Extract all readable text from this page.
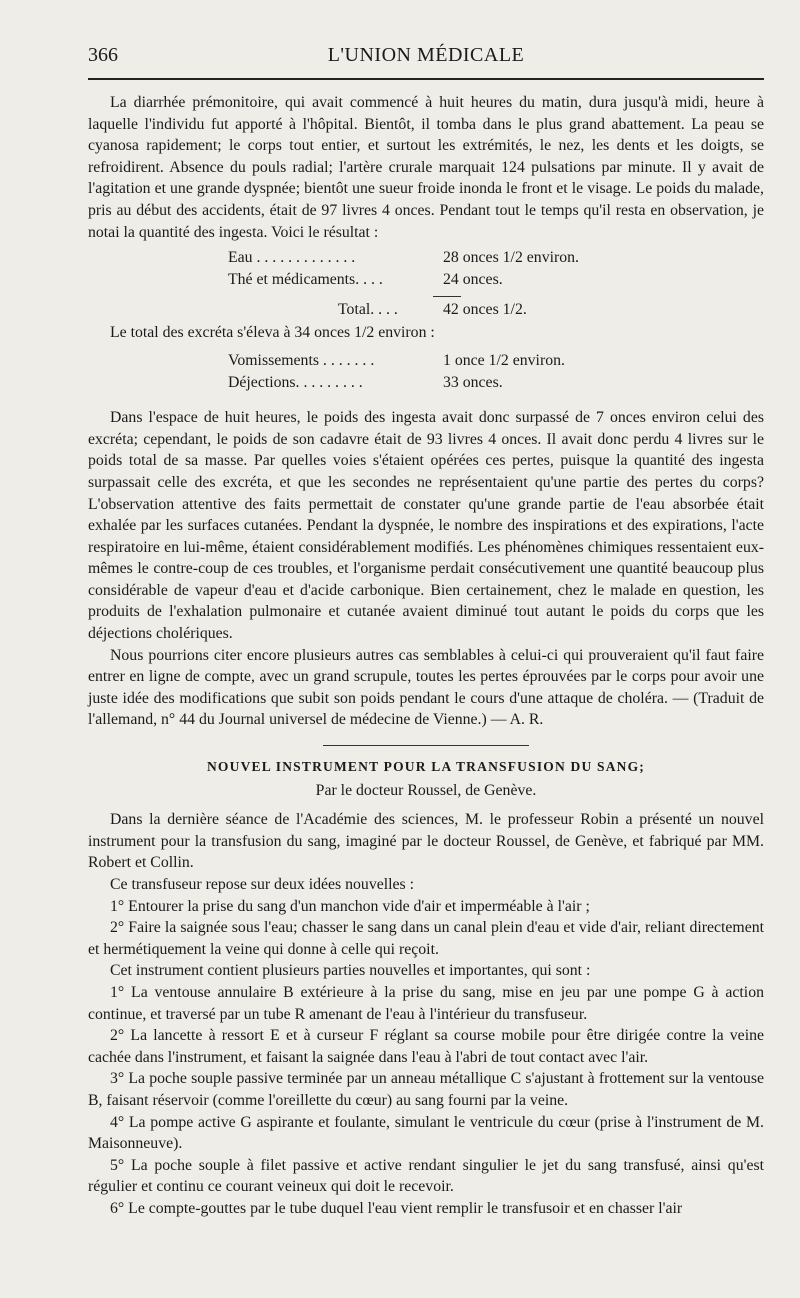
366	L'UNION MÉDICALE

La diarrhée prémonitoire, qui avait commencé à huit heures du matin, dura jusqu'à midi, heure à laquelle l'individu fut apporté à l'hôpital. Bientôt, il tomba dans le plus grand abattement. La peau se cyanosa rapidement; le corps tout entier, et surtout les extrémités, le nez, les dents et les doigts, se refroidirent. Absence du pouls radial; l'artère crurale marquait 124 pulsations par minute. Il y avait de l'agitation et une grande dyspnée; bientôt une sueur froide inonda le front et le visage. Le poids du malade, pris au début des accidents, était de 97 livres 4 onces. Pendant tout le temps qu'il resta en observation, je notai la quantité des ingesta. Voici le résultat :

Eau . . . . . . . . . . . . .	28 onces 1/2 environ.
Thé et médicaments. . . .	24 onces.
Total. . . .	42 onces 1/2.

Le total des excréta s'éleva à 34 onces 1/2 environ :

Vomissements . . . . . . .	1 once 1/2 environ.
Déjections. . . . . . . . .	33 onces.

Dans l'espace de huit heures, le poids des ingesta avait donc surpassé de 7 onces environ celui des excréta; cependant, le poids de son cadavre était de 93 livres 4 onces. Il avait donc perdu 4 livres sur le poids total de sa masse. Par quelles voies s'étaient opérées ces pertes, puisque la quantité des ingesta surpassait celle des excréta, et que les secondes ne représentaient qu'une partie des pertes du corps? L'observation attentive des faits permettait de constater qu'une grande partie de l'eau absorbée était exhalée par les surfaces cutanées. Pendant la dyspnée, le nombre des inspirations et des expirations, l'acte respiratoire en lui-même, étaient considérablement modifiés. Les phénomènes chimiques ressentaient eux-mêmes le contre-coup de ces troubles, et l'organisme perdait consécutivement une quantité beaucoup plus considérable de vapeur d'eau et d'acide carbonique. Bien certainement, chez le malade en question, les produits de l'exhalation pulmonaire et cutanée avaient diminué tout autant le poids du corps que les déjections cholériques.

Nous pourrions citer encore plusieurs autres cas semblables à celui-ci qui prouveraient qu'il faut faire entrer en ligne de compte, avec un grand scrupule, toutes les pertes éprouvées par le corps pour avoir une juste idée des modifications que subit son poids pendant le cours d'une attaque de choléra. — (Traduit de l'allemand, n° 44 du Journal universel de médecine de Vienne.) — A. R.

NOUVEL INSTRUMENT POUR LA TRANSFUSION DU SANG;
Par le docteur Roussel, de Genève.

Dans la dernière séance de l'Académie des sciences, M. le professeur Robin a présenté un nouvel instrument pour la transfusion du sang, imaginé par le docteur Roussel, de Genève, et fabriqué par MM. Robert et Collin.

Ce transfuseur repose sur deux idées nouvelles :

1° Entourer la prise du sang d'un manchon vide d'air et imperméable à l'air ;

2° Faire la saignée sous l'eau; chasser le sang dans un canal plein d'eau et vide d'air, reliant directement et hermétiquement la veine qui donne à celle qui reçoit.

Cet instrument contient plusieurs parties nouvelles et importantes, qui sont :

1° La ventouse annulaire B extérieure à la prise du sang, mise en jeu par une pompe G à action continue, et traversé par un tube R amenant de l'eau à l'intérieur du transfuseur.

2° La lancette à ressort E et à curseur F réglant sa course mobile pour être dirigée contre la veine cachée dans l'instrument, et faisant la saignée dans l'eau à l'abri de tout contact avec l'air.

3° La poche souple passive terminée par un anneau métallique C s'ajustant à frottement sur la ventouse B, faisant réservoir (comme l'oreillette du cœur) au sang fourni par la veine.

4° La pompe active G aspirante et foulante, simulant le ventricule du cœur (prise à l'instrument de M. Maisonneuve).

5° La poche souple à filet passive et active rendant singulier le jet du sang transfusé, ainsi qu'est régulier et continu ce courant veineux qui doit le recevoir.

6° Le compte-gouttes par le tube duquel l'eau vient remplir le transfusoir et en chasser l'air
